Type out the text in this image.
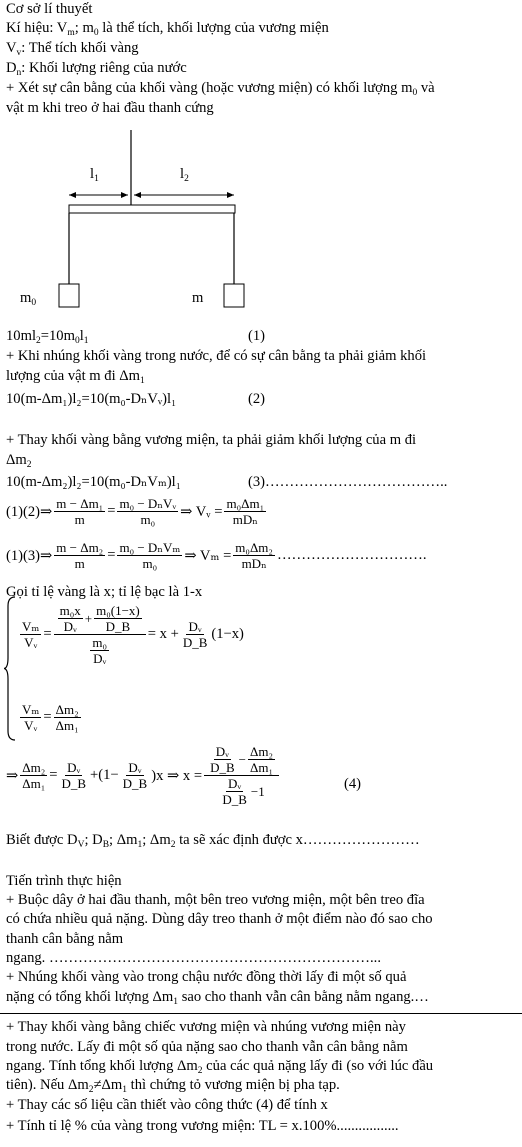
Cơ sở lí thuyết
Kí hiệu: $V_m$; $m_0$ là thể tích, khối lượng của vương miện
$V_v$: Thể tích khối vàng
$D_n$: Khối lượng riêng của nước
+ Xét sự cân bằng của khối vàng (hoặc vương miện) có khối lượng $m_0$ và
vật m khi treo ở hai đầu thanh cứng
$l_1$	$l_2$
$m_0$	m
$10ml_2=10m_0l_1$	(1)
+ Khi nhúng khối vàng trong nước, để có sự cân bằng ta phải giảm khối
lượng của vật m đi $\Delta m_1$
10(m-Δm₁)l₂=10(m₀-DₙVᵥ)l₁	(2)
+ Thay khối vàng bằng vương miện, ta phải giảm khối lượng của m đi
$\Delta m_2$
10(m-Δm₂)l₂=10(m₀-DₙVₘ)l₁	(3)………………………………..
(1)(2)⇒ $\frac{\text{m − Δm₁}}{m} = \frac{\text{m₀ − DₙVᵥ}}{\text{m₀}}$ ⇒ Vᵥ = $\frac{\text{m₀Δm₁}}{\text{mDₙ}}$
(1)(3)⇒ $\frac{\text{m − Δm₂}}{m} = \frac{\text{m₀ − DₙVₘ}}{\text{m₀}}$ ⇒ $V_m = \frac{\text{m₀Δm₂}}{\text{mDₙ}}$ ………………………….
Gọi tỉ lệ vàng là x; tỉ lệ bạc là 1-x
$\frac{\text{Vₘ}}{\text{Vᵥ}} = \frac{\frac{\text{m₀x}}{\text{Dᵥ}} + \frac{\text{m₀(1−x)}}{D\_B}}{\frac{\text{m₀}}{\text{Dᵥ}}} = x + \frac{\text{Dᵥ}}{D\_B} (1-x)$
$\frac{\text{Vₘ}}{\text{Vᵥ}} = \frac{\text{Δm₂}}{\text{Δm₁}}$
⇒ $\frac{\text{Δm₂}}{\text{Δm₁}} = \frac{\text{Dᵥ}}{D\_B} +(1- \frac{\text{Dᵥ}}{D\_B} )x$ ⇒ $x = \frac{\frac{\text{Dᵥ}}{D\_B} - \frac{\text{Δm₂}}{\text{Δm₁}}}{\frac{\text{Dᵥ}}{D\_B} -1}$	(4)
Biết được $D_V$; $D_B$; $\Delta m_1$; $\Delta m_2$ ta sẽ xác định được x……………………
Tiến trình thực hiện
+ Buộc dây ở hai đầu thanh, một bên treo vương miện, một bên treo đĩa
có chứa nhiều quả nặng. Dùng dây treo thanh ở một điểm nào đó sao cho
thanh cân bằng nằm
ngang. …………………………………………………………...
+ Nhúng khối vàng vào trong chậu nước đồng thời lấy đi một số quả
nặng có tổng khối lượng $\Delta m_1$ sao cho thanh vẫn cân bằng nằm ngang.…
+ Thay khối vàng bằng chiếc vương miện và nhúng vương miện này
trong nước. Lấy đi một số qủa nặng sao cho thanh vẫn cân bằng nằm
ngang. Tính tổng khối lượng $\Delta m_2$ của các quả nặng lấy đi (so với lúc đầu
tiên). Nếu $\Delta m_2\ne\Delta m_1$ thì chứng tỏ vương miện bị pha tạp.
+ Thay các số liệu cần thiết vào công thức (4) để tính x
+ Tính tỉ lệ % của vàng trong vương miện: TL = x.100%.................
